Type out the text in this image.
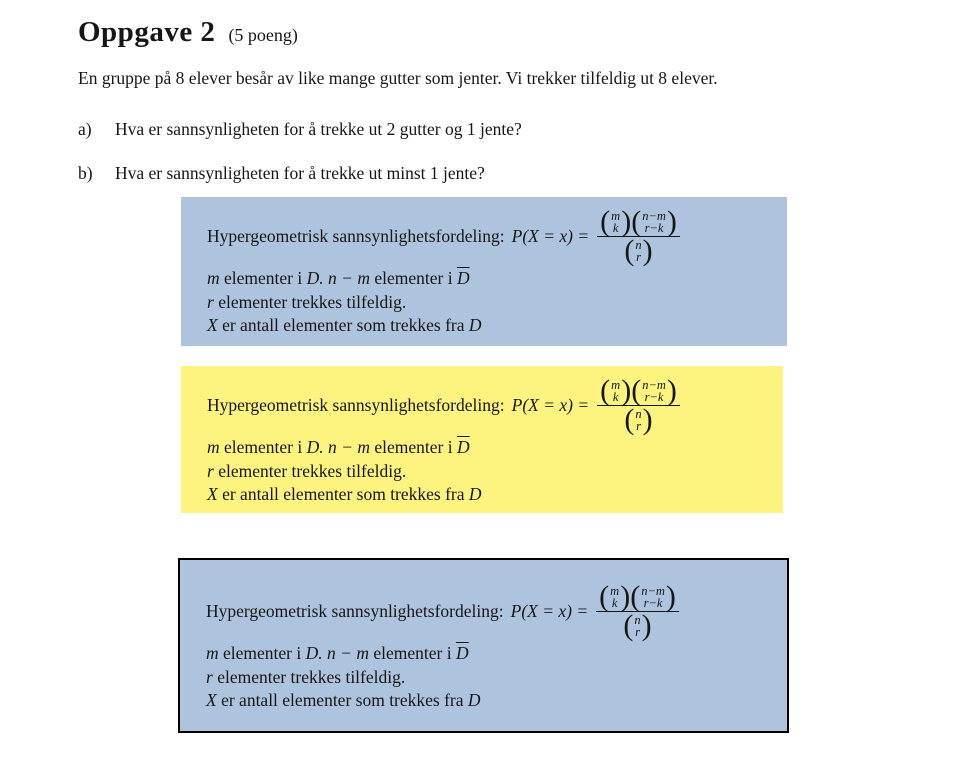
Oppgave 2 (5 poeng)
En gruppe på 8 elever besår av like mange gutter som jenter. Vi trekker tilfeldig ut 8 elever.
a)	Hva er sannsynligheten for å trekke ut 2 gutter og 1 jente?
b)	Hva er sannsynligheten for å trekke ut minst 1 jente?
Hypergeometrisk sannsynlighetsfordeling: P(X = x) = ( m
k ) ( n−m
r−k )
( n
r )
m elementer i D. n − m elementer i $\overline{D}$
r elementer trekkes tilfeldig.
X er antall elementer som trekkes fra D
Hypergeometrisk sannsynlighetsfordeling: P(X = x) = ( m
k ) ( n−m
r−k )
( n
r )
m elementer i D. n − m elementer i $\overline{D}$
r elementer trekkes tilfeldig.
X er antall elementer som trekkes fra D
Hypergeometrisk sannsynlighetsfordeling: P(X = x) = ( m
k ) ( n−m
r−k )
( n
r )
m elementer i D. n − m elementer i $\overline{D}$
r elementer trekkes tilfeldig.
X er antall elementer som trekkes fra D
